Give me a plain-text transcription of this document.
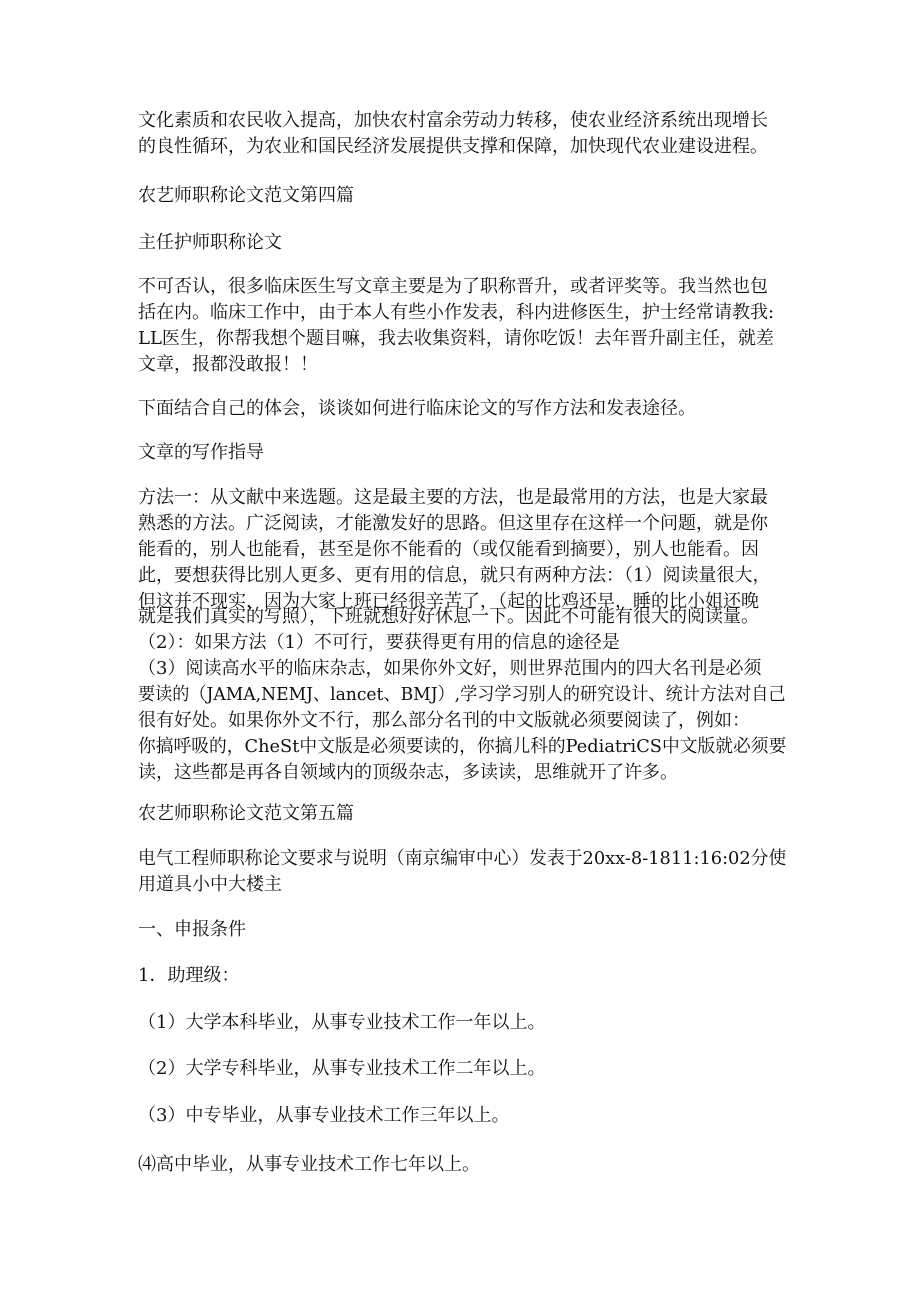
文化素质和农民收入提高，加快农村富余劳动力转移，使农业经济系统出现增长
的良性循环，为农业和国民经济发展提供支撑和保障，加快现代农业建设进程。
农艺师职称论文范文第四篇
主任护师职称论文
不可否认，很多临床医生写文章主要是为了职称晋升，或者评奖等。我当然也包
括在内。临床工作中，由于本人有些小作发表，科内进修医生，护士经常请教我:
LL医生，你帮我想个题目嘛，我去收集资料，请你吃饭！去年晋升副主任，就差
文章，报都没敢报！！
下面结合自己的体会，谈谈如何进行临床论文的写作方法和发表途径。
文章的写作指导
方法一：从文献中来选题。这是最主要的方法，也是最常用的方法，也是大家最
熟悉的方法。广泛阅读，才能激发好的思路。但这里存在这样一个问题，就是你
能看的，别人也能看，甚至是你不能看的（或仅能看到摘要），别人也能看。因
此，要想获得比别人更多、更有用的信息，就只有两种方法：（1）阅读量很大，
但这并不现实，因为大家上班已经很辛苦了，（起的比鸡还早，睡的比小姐还晚
就是我们真实的写照），下班就想好好休息一下。因此不可能有很大的阅读量。
（2）：如果方法（1）不可行，要获得更有用的信息的途径是
（3）阅读高水平的临床杂志，如果你外文好，则世界范围内的四大名刊是必须
要读的（JAMA,NEMJ、lancet、BMJ）,学习学习别人的研究设计、统计方法对自己
很有好处。如果你外文不行，那么部分名刊的中文版就必须要阅读了，例如：
你搞呼吸的，CheSt中文版是必须要读的，你搞儿科的PediatriCS中文版就必须要
读，这些都是再各自领域内的顶级杂志，多读读，思维就开了许多。
农艺师职称论文范文第五篇
电气工程师职称论文要求与说明（南京编审中心）发表于20xx-8-1811:16:02分使
用道具小中大楼主
一、申报条件
1．助理级：
（1）大学本科毕业，从事专业技术工作一年以上。
（2）大学专科毕业，从事专业技术工作二年以上。
（3）中专毕业，从事专业技术工作三年以上。
⑷高中毕业，从事专业技术工作七年以上。
